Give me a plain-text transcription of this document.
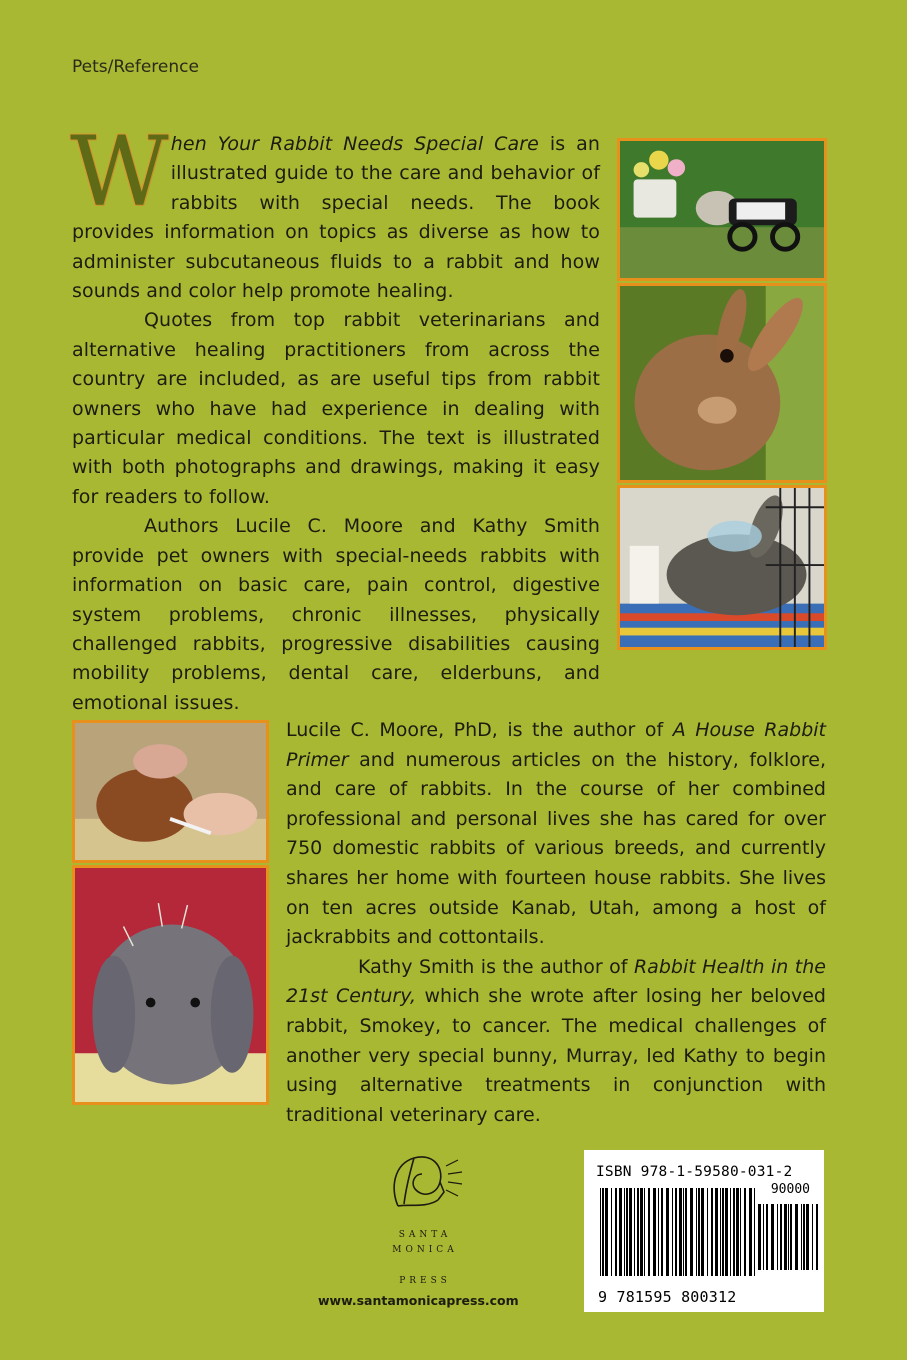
Pets/Reference

When Your Rabbit Needs Special Care is an illustrated guide to the care and behavior of rabbits with special needs. The book provides information on topics as diverse as how to administer subcutaneous fluids to a rabbit and how sounds and color help promote healing.

Quotes from top rabbit veterinarians and alternative healing practitioners from across the country are included, as are useful tips from rabbit owners who have had experience in dealing with particular medical conditions. The text is illustrated with both photographs and drawings, making it easy for readers to follow.

Authors Lucile C. Moore and Kathy Smith provide pet owners with special-needs rabbits with information on basic care, pain control, digestive system problems, chronic illnesses, physically challenged rabbits, progressive disabilities causing mobility problems, dental care, elderbuns, and emotional issues.

Lucile C. Moore, PhD, is the author of A House Rabbit Primer and numerous articles on the history, folklore, and care of rabbits. In the course of her combined professional and personal lives she has cared for over 750 domestic rabbits of various breeds, and currently shares her home with fourteen house rabbits. She lives on ten acres outside Kanab, Utah, among a host of jackrabbits and cottontails.

Kathy Smith is the author of Rabbit Health in the 21st Century, which she wrote after losing her beloved rabbit, Smokey, to cancer. The medical challenges of another very special bunny, Murray, led Kathy to begin using alternative treatments in conjunction with traditional veterinary care.

SANTA
MONICA
PRESS
www.santamonicapress.com
ISBN 978-1-59580-031-2
90000
9 781595 800312
